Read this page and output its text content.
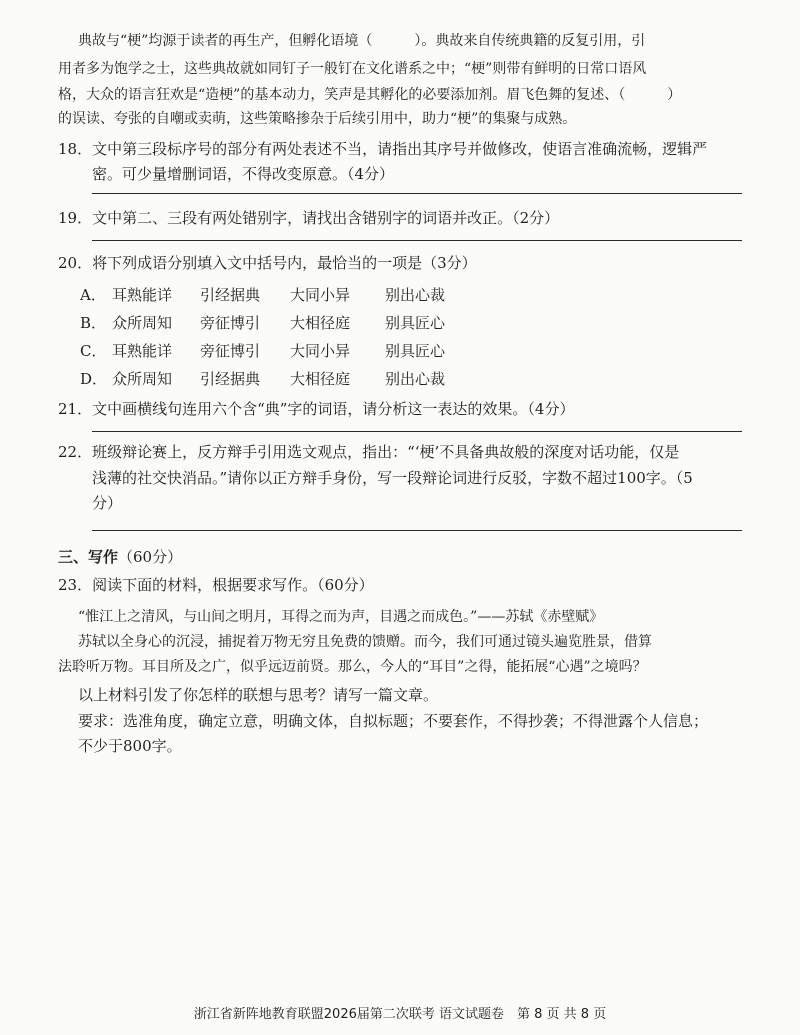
典故与“梗”均源于读者的再生产，但孵化语境（　　　）。典故来自传统典籍的反复引用，引
用者多为饱学之士，这些典故就如同钉子一般钉在文化谱系之中；“梗”则带有鲜明的日常口语风
格，大众的语言狂欢是“造梗”的基本动力，笑声是其孵化的必要添加剂。眉飞色舞的复述、（　　　）
的误读、夸张的自嘲或卖萌，这些策略掺杂于后续引用中，助力“梗”的集聚与成熟。
18．文中第三段标序号的部分有两处表述不当，请指出其序号并做修改，使语言准确流畅，逻辑严
密。可少量增删词语，不得改变原意。（4分）
19．文中第二、三段有两处错别字，请找出含错别字的词语并改正。（2分）
20．将下列成语分别填入文中括号内，最恰当的一项是（3分）
A． 耳熟能详 引经据典 大同小异 别出心裁
B． 众所周知 旁征博引 大相径庭 别具匠心
C． 耳熟能详 旁征博引 大同小异 别具匠心
D． 众所周知 引经据典 大相径庭 别出心裁
21．文中画横线句连用六个含“典”字的词语，请分析这一表达的效果。（4分）
22．班级辩论赛上，反方辩手引用选文观点，指出：“‘梗’不具备典故般的深度对话功能，仅是
浅薄的社交快消品。”请你以正方辩手身份，写一段辩论词进行反驳，字数不超过100字。（5
分）
三、写作（60分）
23．阅读下面的材料，根据要求写作。（60分）
“惟江上之清风，与山间之明月，耳得之而为声，目遇之而成色。”——苏轼《赤壁赋》
苏轼以全身心的沉浸，捕捉着万物无穷且免费的馈赠。而今，我们可通过镜头遍览胜景，借算
法聆听万物。耳目所及之广，似乎远迈前贤。那么，今人的“耳目”之得，能拓展“心遇”之境吗？
以上材料引发了你怎样的联想与思考？请写一篇文章。
要求：选准角度，确定立意，明确文体，自拟标题；不要套作，不得抄袭；不得泄露个人信息；
不少于800字。
浙江省新阵地教育联盟2026届第二次联考 语文试题卷　第 8 页 共 8 页
